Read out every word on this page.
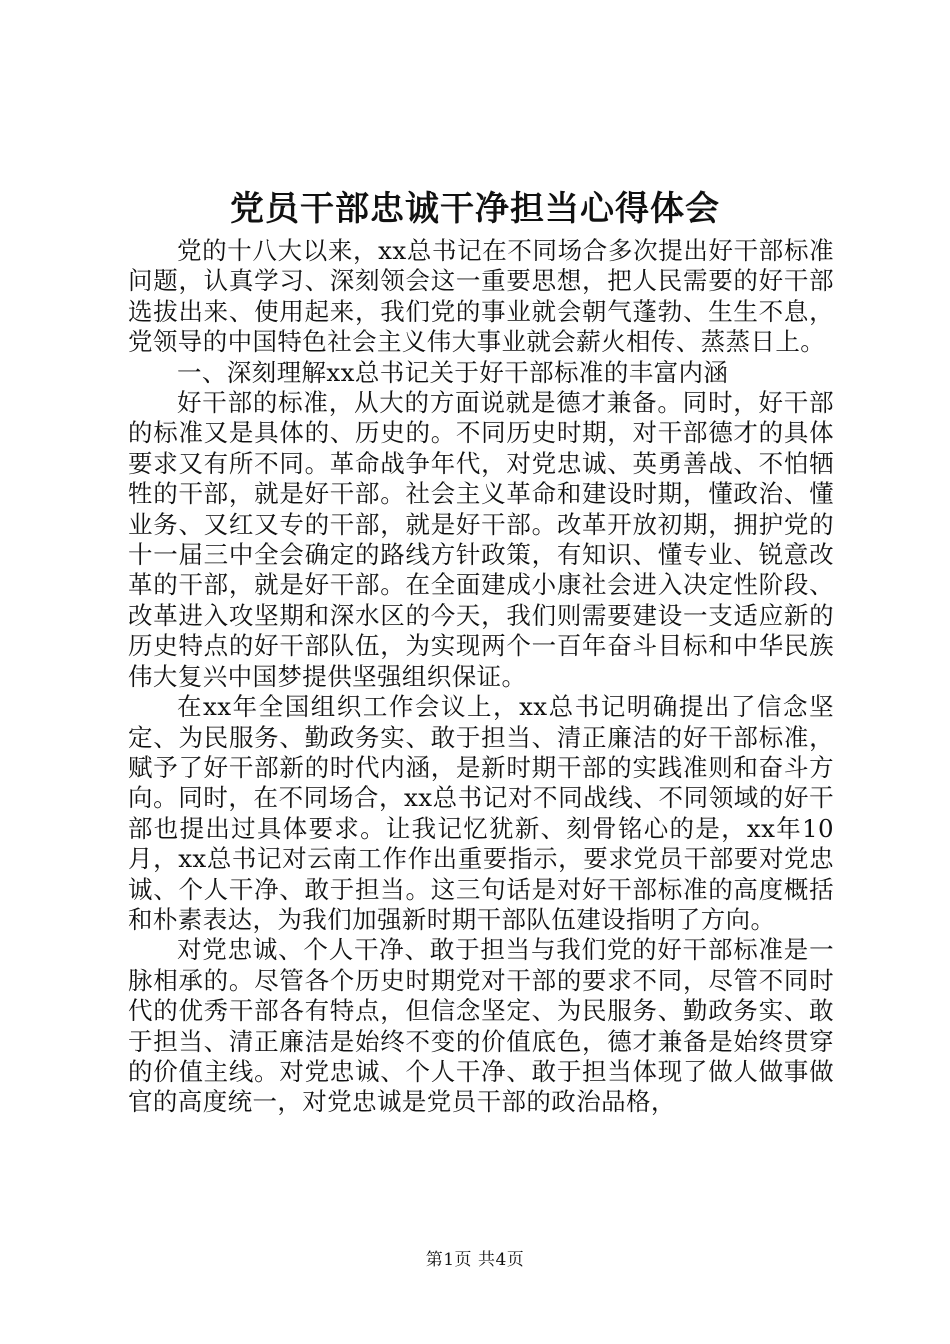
党员干部忠诚干净担当心得体会

党的十八大以来，xx总书记在不同场合多次提出好干部标准问题，认真学习、深刻领会这一重要思想，把人民需要的好干部选拔出来、使用起来，我们党的事业就会朝气蓬勃、生生不息，党领导的中国特色社会主义伟大事业就会薪火相传、蒸蒸日上。

一、深刻理解xx总书记关于好干部标准的丰富内涵

好干部的标准，从大的方面说就是德才兼备。同时，好干部的标准又是具体的、历史的。不同历史时期，对干部德才的具体要求又有所不同。革命战争年代，对党忠诚、英勇善战、不怕牺牲的干部，就是好干部。社会主义革命和建设时期，懂政治、懂业务、又红又专的干部，就是好干部。改革开放初期，拥护党的十一届三中全会确定的路线方针政策，有知识、懂专业、锐意改革的干部，就是好干部。在全面建成小康社会进入决定性阶段、改革进入攻坚期和深水区的今天，我们则需要建设一支适应新的历史特点的好干部队伍，为实现两个一百年奋斗目标和中华民族伟大复兴中国梦提供坚强组织保证。

在xx年全国组织工作会议上，xx总书记明确提出了信念坚定、为民服务、勤政务实、敢于担当、清正廉洁的好干部标准，赋予了好干部新的时代内涵，是新时期干部的实践准则和奋斗方向。同时，在不同场合，xx总书记对不同战线、不同领域的好干部也提出过具体要求。让我记忆犹新、刻骨铭心的是，xx年10月，xx总书记对云南工作作出重要指示，要求党员干部要对党忠诚、个人干净、敢于担当。这三句话是对好干部标准的高度概括和朴素表达，为我们加强新时期干部队伍建设指明了方向。

对党忠诚、个人干净、敢于担当与我们党的好干部标准是一脉相承的。尽管各个历史时期党对干部的要求不同，尽管不同时代的优秀干部各有特点，但信念坚定、为民服务、勤政务实、敢于担当、清正廉洁是始终不变的价值底色，德才兼备是始终贯穿的价值主线。对党忠诚、个人干净、敢于担当体现了做人做事做官的高度统一，对党忠诚是党员干部的政治品格，

第1页 共4页
